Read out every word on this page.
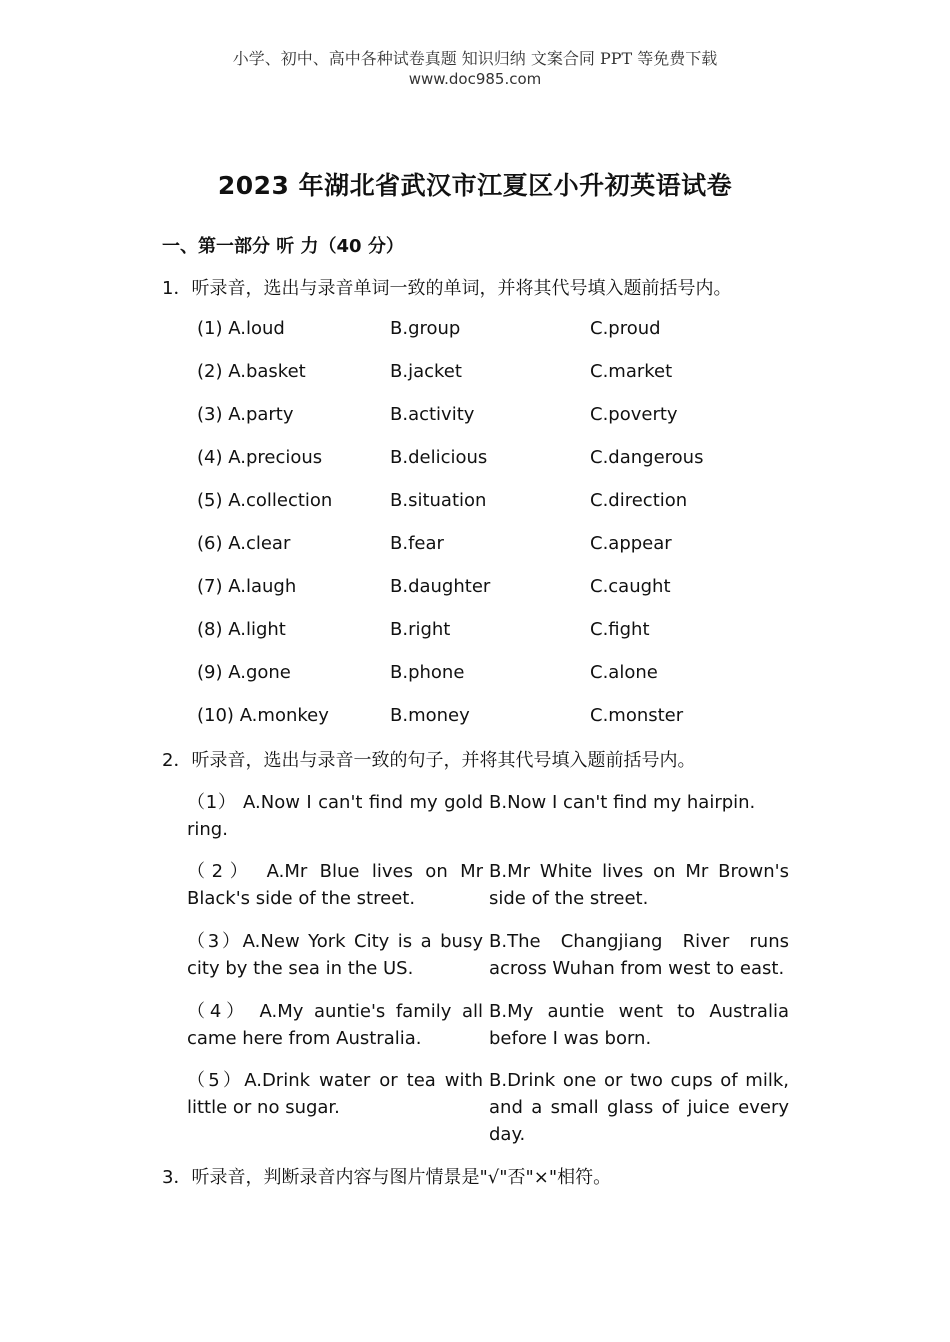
小学、初中、高中各种试卷真题 知识归纳 文案合同 PPT 等免费下载
www.doc985.com
2023 年湖北省武汉市江夏区小升初英语试卷
一、第一部分 听 力（40 分）
1．听录音，选出与录音单词一致的单词，并将其代号填入题前括号内。
(1) A.loud	B.group	C.proud
(2) A.basket	B.jacket	C.market
(3) A.party	B.activity	C.poverty
(4) A.precious	B.delicious	C.dangerous
(5) A.collection	B.situation	C.direction
(6) A.clear	B.fear	C.appear
(7) A.laugh	B.daughter	C.caught
(8) A.light	B.right	C.fight
(9) A.gone	B.phone	C.alone
(10) A.monkey	B.money	C.monster
2．听录音，选出与录音一致的句子，并将其代号填入题前括号内。
（1） A.Now I can't find my gold ring.
B.Now I can't find my hairpin.
（2） A.Mr Blue lives on Mr Black's side of the street.
B.Mr White lives on Mr Brown's side of the street.
（3）A.New York City is a busy city by the sea in the US.
B.The Changjiang River runs across Wuhan from west to east.
（4） A.My auntie's family all came here from Australia.
B.My auntie went to Australia before I was born.
（5）A.Drink water or tea with little or no sugar.
B.Drink one or two cups of milk, and a small glass of juice every day.
3．听录音，判断录音内容与图片情景是"√"否"×"相符。
